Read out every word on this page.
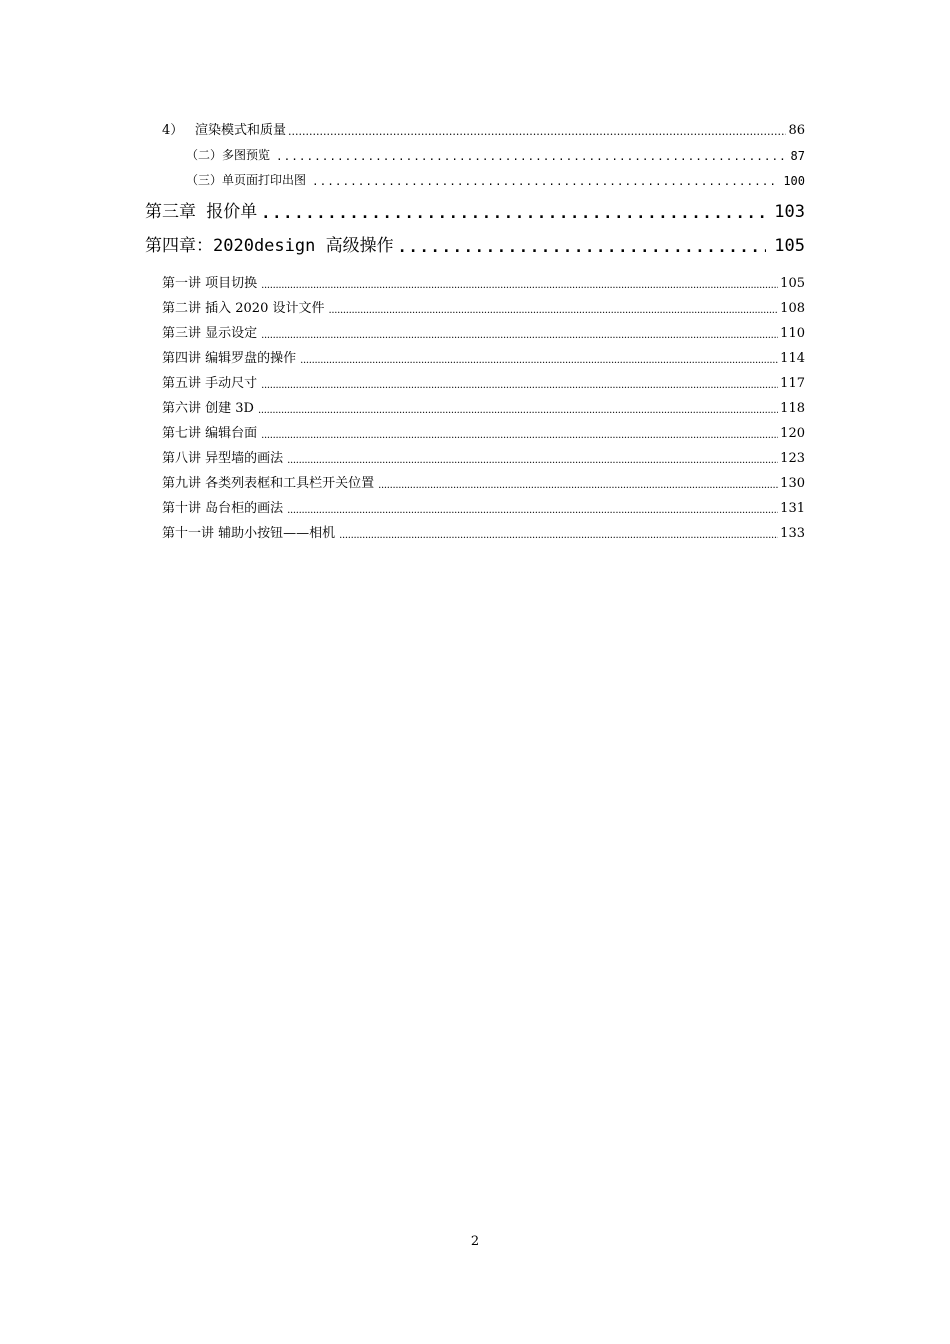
4） 渲染模式和质量 .....	86
（二）多图预览 .....	87
（三）单页面打印出图 .....	100
第三章 报价单 .....	103
第四章：2020design 高级操作 .....	105
第一讲 项目切换 .....	105
第二讲 插入 2020 设计文件 .....	108
第三讲 显示设定 .....	110
第四讲 编辑罗盘的操作 .....	114
第五讲 手动尺寸 .....	117
第六讲 创建 3D .....	118
第七讲 编辑台面 .....	120
第八讲 异型墙的画法 .....	123
第九讲 各类列表框和工具栏开关位置 .....	130
第十讲 岛台柜的画法 .....	131
第十一讲 辅助小按钮——相机 .....	133
2
